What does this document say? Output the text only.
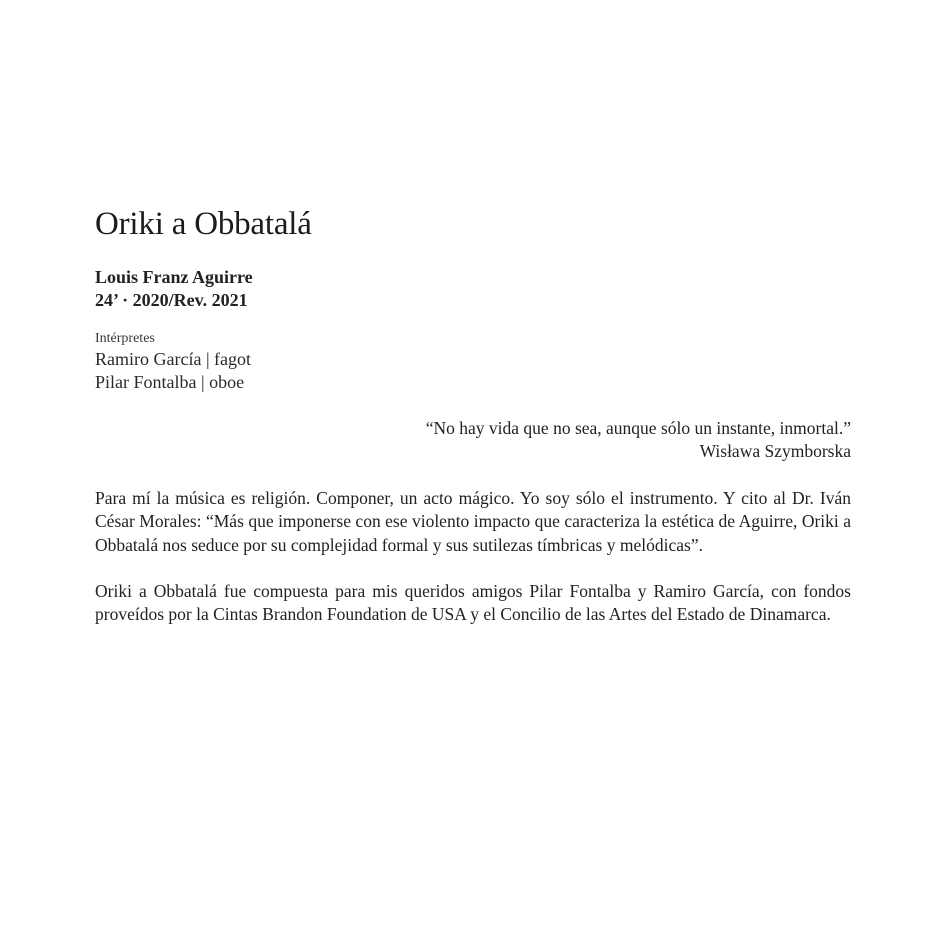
Oriki a Obbatalá
Louis Franz Aguirre
24’ · 2020/Rev. 2021
Intérpretes
Ramiro García | fagot
Pilar Fontalba | oboe
“No hay vida que no sea, aunque sólo un instante, inmortal.”
Wisława Szymborska

Para mí la música es religión. Componer, un acto mágico. Yo soy sólo el instrumento. Y cito al Dr. Iván César Morales: “Más que imponerse con ese violento impacto que caracteriza la estética de Aguirre, Oriki a Obbatalá nos seduce por su complejidad formal y sus sutilezas tímbricas y melódicas”.

Oriki a Obbatalá fue compuesta para mis queridos amigos Pilar Fontalba y Ramiro García, con fondos proveídos por la Cintas Brandon Foundation de USA y el Concilio de las Artes del Estado de Dinamarca.
